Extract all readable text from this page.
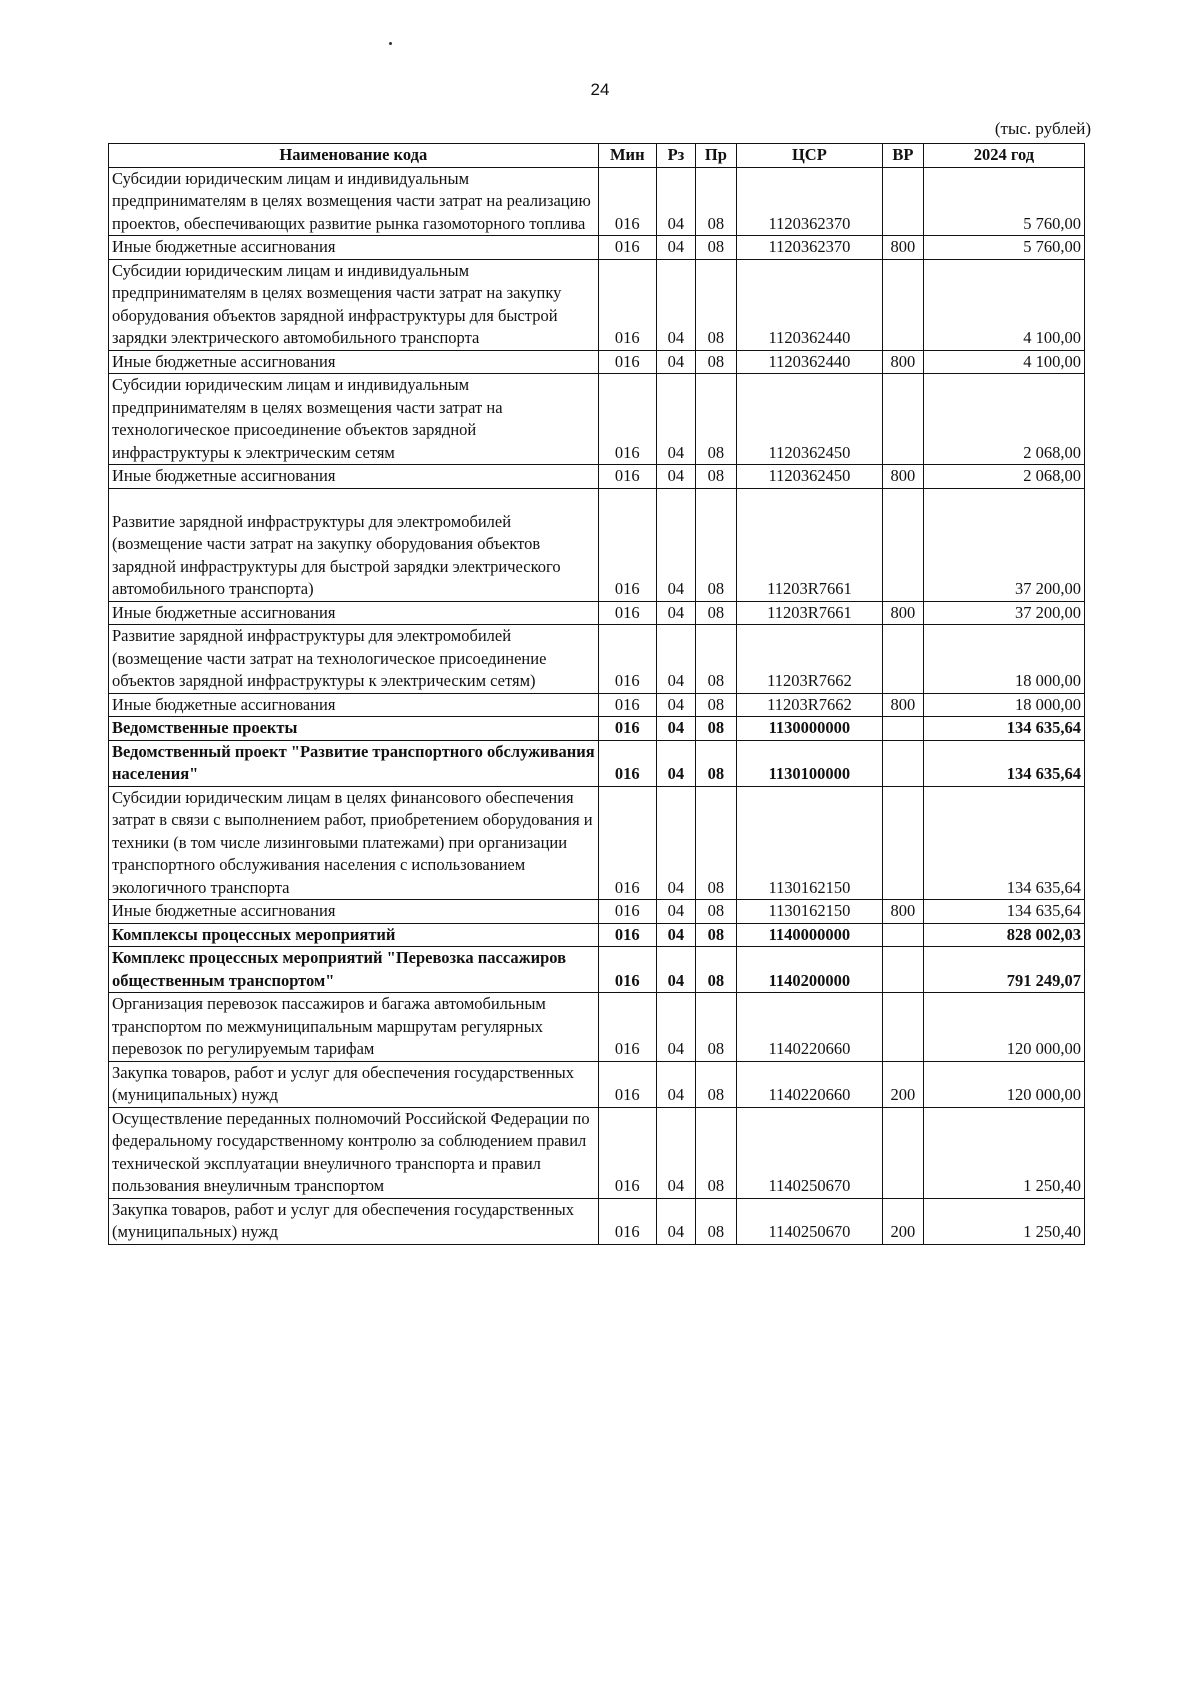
24
(тыс. рублей)
Наименование кода	Мин	Рз	Пр	ЦСР	ВР	2024 год
Субсидии юридическим лицам и индивидуальным предпринимателям в целях возмещения части затрат на реализацию проектов, обеспечивающих развитие рынка газомоторного топлива	016	04	08	1120362370		5 760,00
Иные бюджетные ассигнования	016	04	08	1120362370	800	5 760,00
Субсидии юридическим лицам и индивидуальным предпринимателям в целях возмещения части затрат на закупку оборудования объектов зарядной инфраструктуры для быстрой зарядки электрического автомобильного транспорта	016	04	08	1120362440		4 100,00
Иные бюджетные ассигнования	016	04	08	1120362440	800	4 100,00
Субсидии юридическим лицам и индивидуальным предпринимателям в целях возмещения части затрат на технологическое присоединение объектов зарядной инфраструктуры к электрическим сетям	016	04	08	1120362450		2 068,00
Иные бюджетные ассигнования	016	04	08	1120362450	800	2 068,00

Развитие зарядной инфраструктуры для электромобилей (возмещение части затрат на закупку оборудования объектов зарядной инфраструктуры для быстрой зарядки электрического автомобильного транспорта)	016	04	08	11203R7661		37 200,00
Иные бюджетные ассигнования	016	04	08	11203R7661	800	37 200,00
Развитие зарядной инфраструктуры для электромобилей (возмещение части затрат на технологическое присоединение объектов зарядной инфраструктуры к электрическим сетям)	016	04	08	11203R7662		18 000,00
Иные бюджетные ассигнования	016	04	08	11203R7662	800	18 000,00
Ведомственные проекты	016	04	08	1130000000		134 635,64
Ведомственный проект "Развитие транспортного обслуживания населения"	016	04	08	1130100000		134 635,64
Субсидии юридическим лицам в целях финансового обеспечения затрат в связи с выполнением работ, приобретением оборудования и техники (в том числе лизинговыми платежами) при организации транспортного обслуживания населения с использованием экологичного транспорта	016	04	08	1130162150		134 635,64
Иные бюджетные ассигнования	016	04	08	1130162150	800	134 635,64
Комплексы процессных мероприятий	016	04	08	1140000000		828 002,03
Комплекс процессных мероприятий "Перевозка пассажиров общественным транспортом"	016	04	08	1140200000		791 249,07
Организация перевозок пассажиров и багажа автомобильным транспортом по межмуниципальным маршрутам регулярных перевозок по регулируемым тарифам	016	04	08	1140220660		120 000,00
Закупка товаров, работ и услуг для обеспечения государственных (муниципальных) нужд	016	04	08	1140220660	200	120 000,00
Осуществление переданных полномочий Российской Федерации по федеральному государственному контролю за соблюдением правил технической эксплуатации внеуличного транспорта и правил пользования внеуличным транспортом	016	04	08	1140250670		1 250,40
Закупка товаров, работ и услуг для обеспечения государственных (муниципальных) нужд	016	04	08	1140250670	200	1 250,40
